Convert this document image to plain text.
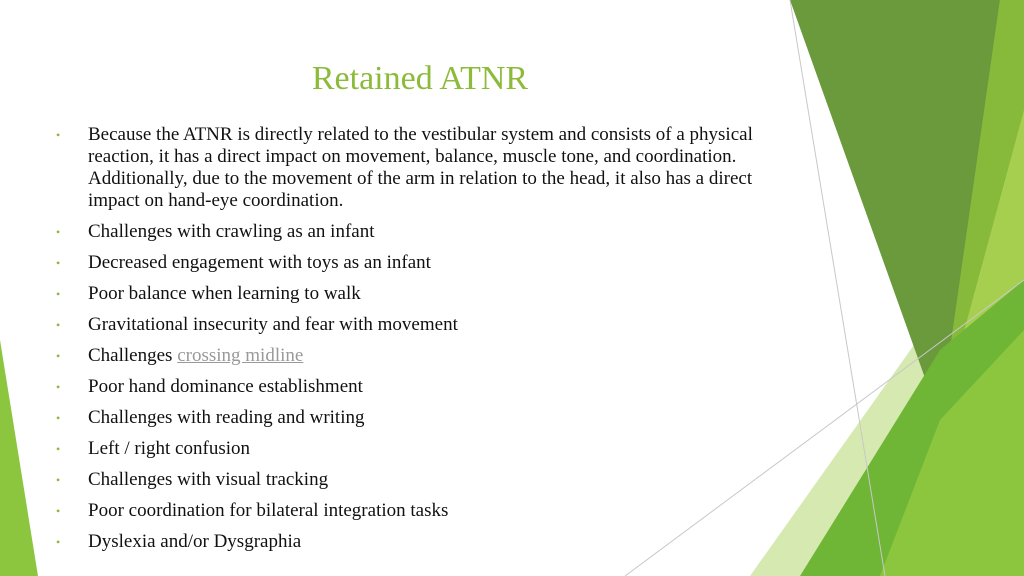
Retained ATNR
• Because the ATNR is directly related to the vestibular system and consists of a physical reaction, it has a direct impact on movement, balance, muscle tone, and coordination. Additionally, due to the movement of the arm in relation to the head, it also has a direct impact on hand-eye coordination.
• Challenges with crawling as an infant
• Decreased engagement with toys as an infant
• Poor balance when learning to walk
• Gravitational insecurity and fear with movement
• Challenges crossing midline
• Poor hand dominance establishment
• Challenges with reading and writing
• Left / right confusion
• Challenges with visual tracking
• Poor coordination for bilateral integration tasks
• Dyslexia and/or Dysgraphia
